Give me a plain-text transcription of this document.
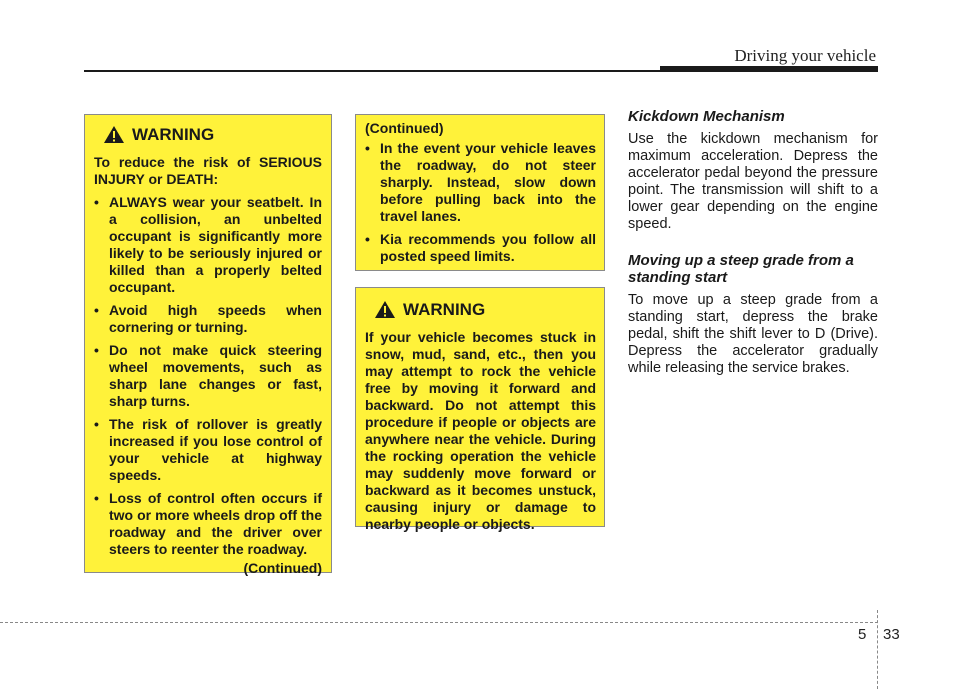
Driving your vehicle
WARNING
To reduce the risk of SERIOUS INJURY or DEATH:
• ALWAYS wear your seatbelt. In a collision, an unbelted occupant is significantly more likely to be seriously injured or killed than a properly belted occupant.
• Avoid high speeds when cornering or turning.
• Do not make quick steering wheel movements, such as sharp lane changes or fast, sharp turns.
• The risk of rollover is greatly increased if you lose control of your vehicle at highway speeds.
• Loss of control often occurs if two or more wheels drop off the roadway and the driver over steers to reenter the roadway.
(Continued)
(Continued)
• In the event your vehicle leaves the roadway, do not steer sharply. Instead, slow down before pulling back into the travel lanes.
• Kia recommends you follow all posted speed limits.
WARNING
If your vehicle becomes stuck in snow, mud, sand, etc., then you may attempt to rock the vehicle free by moving it forward and backward. Do not attempt this procedure if people or objects are anywhere near the vehicle. During the rocking operation the vehicle may suddenly move forward or backward as it becomes unstuck, causing injury or damage to nearby people or objects.
Kickdown Mechanism

Use the kickdown mechanism for maximum acceleration. Depress the accelerator pedal beyond the pressure point. The transmission will shift to a lower gear depending on the engine speed.

Moving up a steep grade from a standing start

To move up a steep grade from a standing start, depress the brake pedal, shift the shift lever to D (Drive). Depress the accelerator gradually while releasing the service brakes.

5 33
